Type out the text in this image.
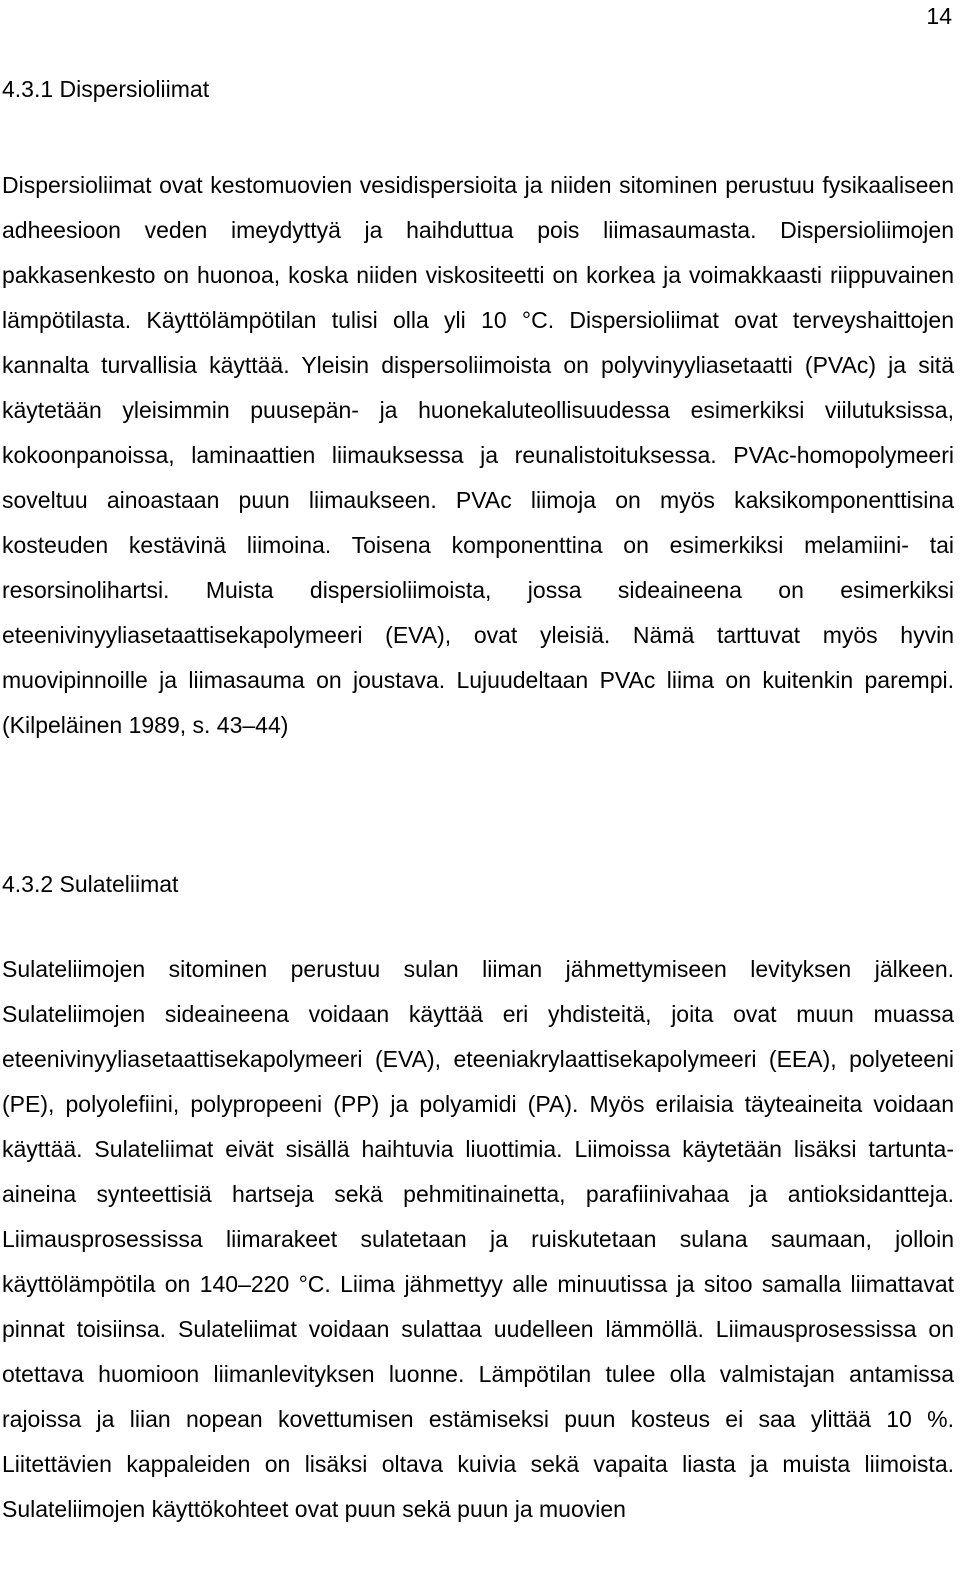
14
4.3.1 Dispersioliimat

Dispersioliimat ovat kestomuovien vesidispersioita ja niiden sitominen perustuu fysikaaliseen adheesioon veden imeydyttyä ja haihduttua pois liimasaumasta. Dispersioliimojen pakkasenkesto on huonoa, koska niiden viskositeetti on korkea ja voimakkaasti riippuvainen lämpötilasta. Käyttölämpötilan tulisi olla yli 10 °C. Dispersioliimat ovat terveyshaittojen kannalta turvallisia käyttää. Yleisin dispersoliimoista on polyvinyyliasetaatti (PVAc) ja sitä käytetään yleisimmin puusepän- ja huonekaluteollisuudessa esimerkiksi viilutuksissa, kokoonpanoissa, laminaattien liimauksessa ja reunalistoituksessa. PVAc-homopolymeeri soveltuu ainoastaan puun liimaukseen. PVAc liimoja on myös kaksikomponenttisina kosteuden kestävinä liimoina. Toisena komponenttina on esimerkiksi melamiini- tai resorsinolihartsi. Muista dispersioliimoista, jossa sideaineena on esimerkiksi eteenivinyyliasetaattisekapolymeeri (EVA), ovat yleisiä. Nämä tarttuvat myös hyvin muovipinnoille ja liimasauma on joustava. Lujuudeltaan PVAc liima on kuitenkin parempi. (Kilpeläinen 1989, s. 43–44)

4.3.2 Sulateliimat

Sulateliimojen sitominen perustuu sulan liiman jähmettymiseen levityksen jälkeen. Sulateliimojen sideaineena voidaan käyttää eri yhdisteitä, joita ovat muun muassa eteenivinyyliasetaattisekapolymeeri (EVA), eteeniakrylaattisekapolymeeri (EEA), polyeteeni (PE), polyolefiini, polypropeeni (PP) ja polyamidi (PA). Myös erilaisia täyteaineita voidaan käyttää. Sulateliimat eivät sisällä haihtuvia liuottimia. Liimoissa käytetään lisäksi tartunta-aineina synteettisiä hartseja sekä pehmitinainetta, parafiinivahaa ja antioksidantteja. Liimausprosessissa liimarakeet sulatetaan ja ruiskutetaan sulana saumaan, jolloin käyttölämpötila on 140–220 °C. Liima jähmettyy alle minuutissa ja sitoo samalla liimattavat pinnat toisiinsa. Sulateliimat voidaan sulattaa uudelleen lämmöllä. Liimausprosessissa on otettava huomioon liimanlevityksen luonne. Lämpötilan tulee olla valmistajan antamissa rajoissa ja liian nopean kovettumisen estämiseksi puun kosteus ei saa ylittää 10 %. Liitettävien kappaleiden on lisäksi oltava kuivia sekä vapaita liasta ja muista liimoista. Sulateliimojen käyttökohteet ovat puun sekä puun ja muovien
